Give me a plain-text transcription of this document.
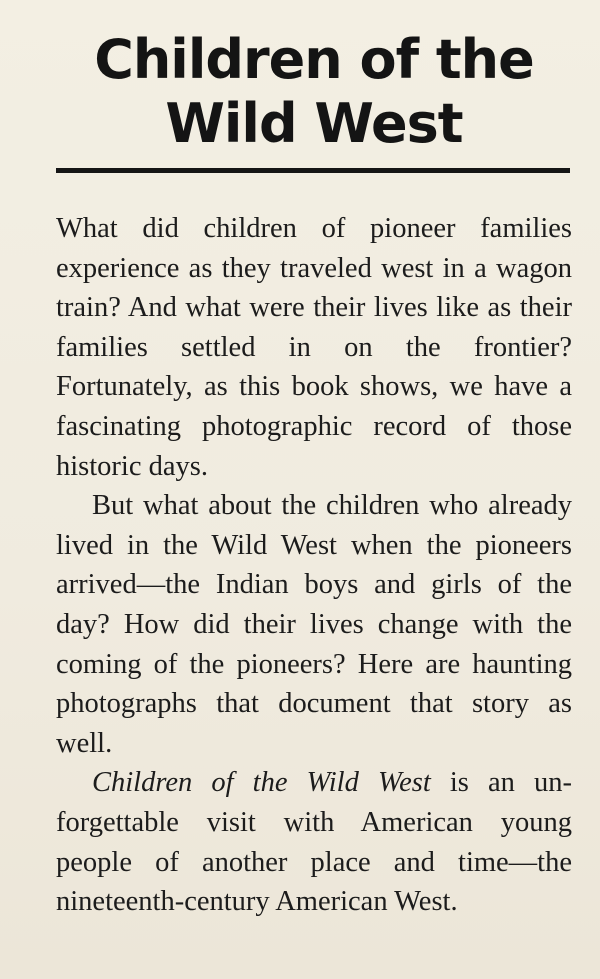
Children of the
Wild West

What did children of pioneer families experience as they traveled west in a wagon train? And what were their lives like as their families settled in on the frontier? Fortunately, as this book shows, we have a fascinating photographic record of those historic days.

But what about the children who already lived in the Wild West when the pioneers arrived—the Indian boys and girls of the day? How did their lives change with the coming of the pioneers? Here are haunting photographs that document that story as well.

Children of the Wild West is an unforgettable visit with American young people of another place and time—the nineteenth-century American West.
